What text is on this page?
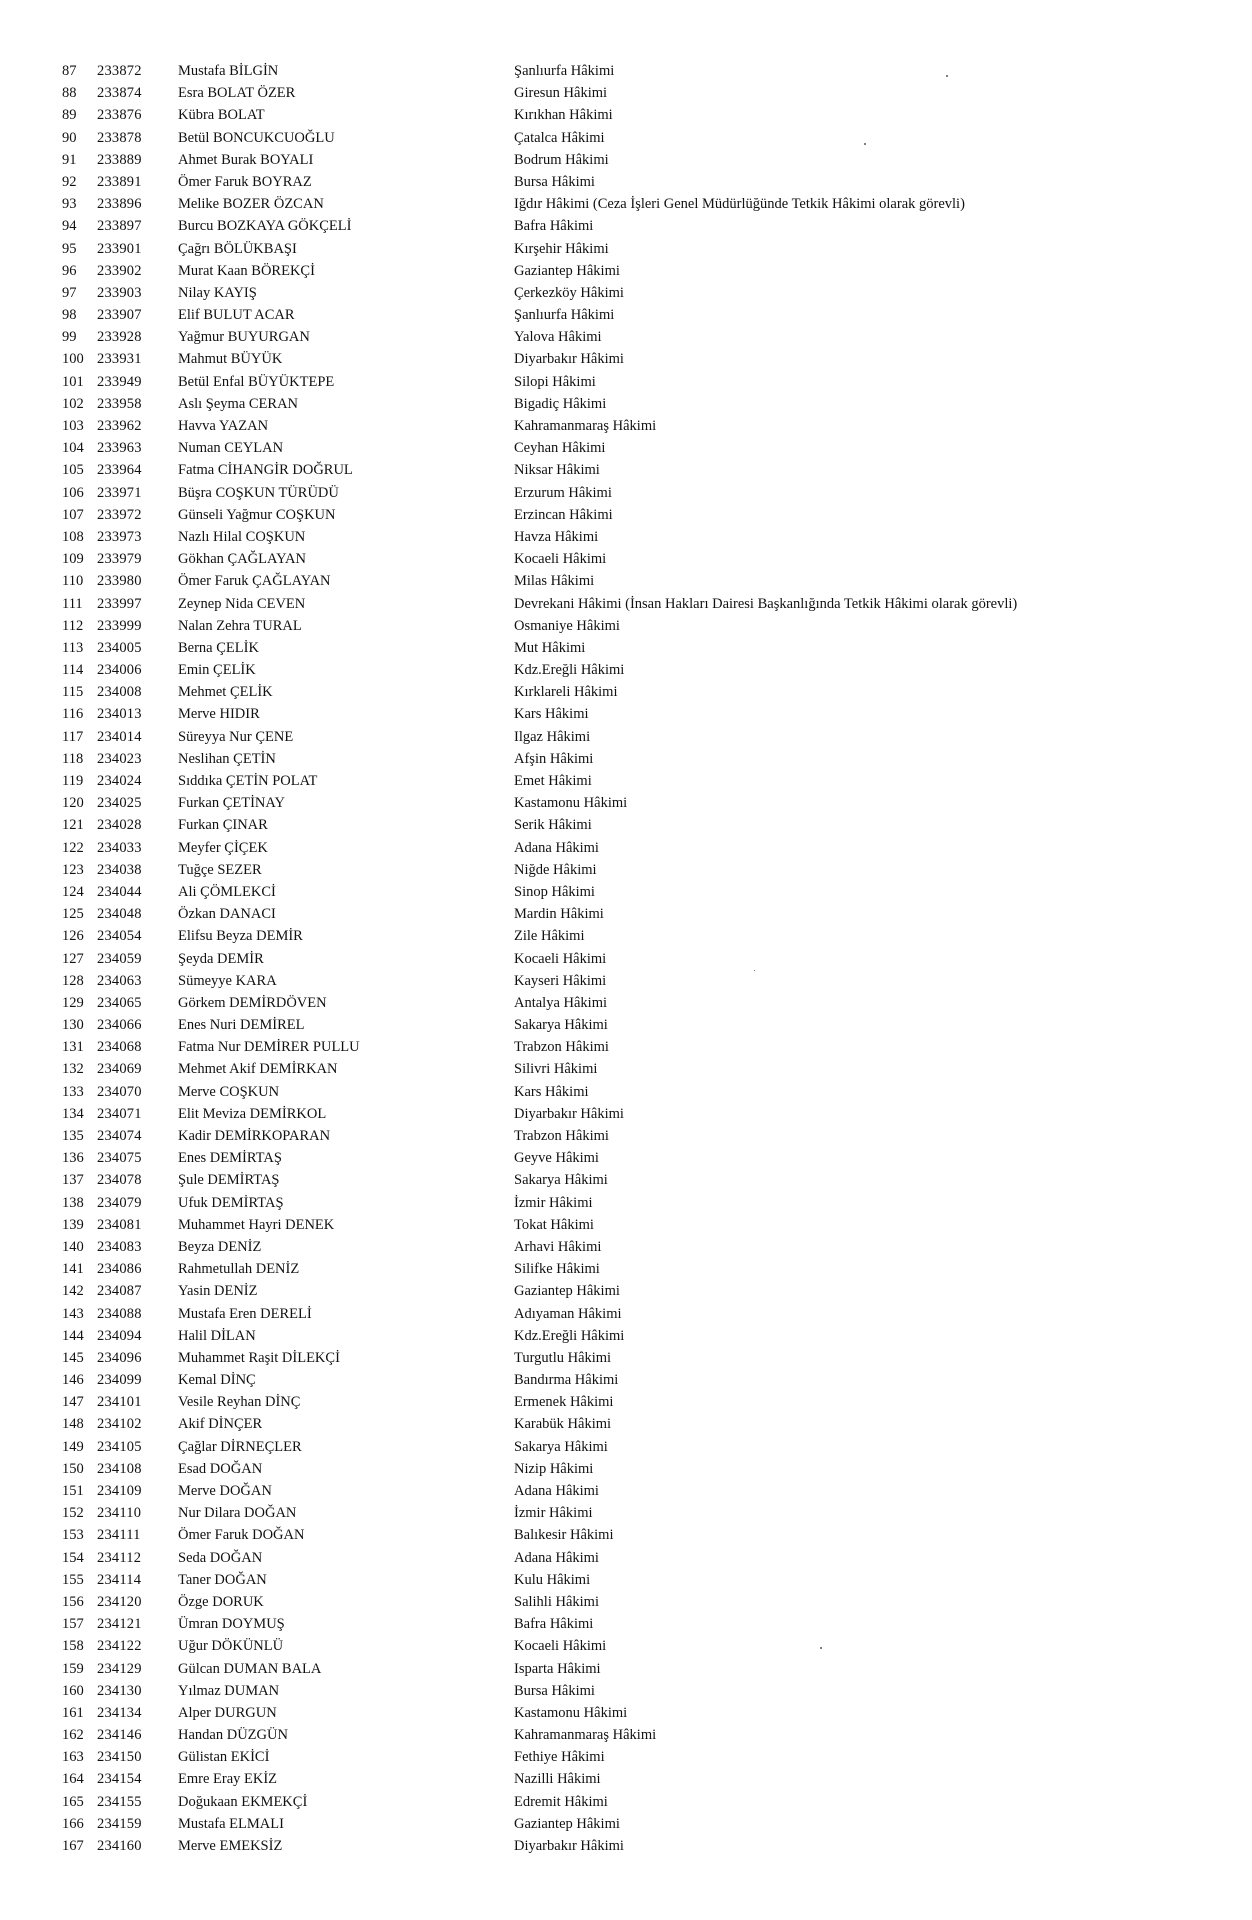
87 233872	Mustafa BİLGİN	Şanlıurfa Hâkimi
88 233874	Esra BOLAT ÖZER	Giresun Hâkimi
89 233876	Kübra BOLAT	Kırıkhan Hâkimi
90 233878	Betül BONCUKCUOĞLU	Çatalca Hâkimi
91 233889	Ahmet Burak BOYALI	Bodrum Hâkimi
92 233891	Ömer Faruk BOYRAZ	Bursa Hâkimi
93 233896	Melike BOZER ÖZCAN	Iğdır Hâkimi (Ceza İşleri Genel Müdürlüğünde Tetkik Hâkimi olarak görevli)
94 233897	Burcu BOZKAYA GÖKÇELİ	Bafra Hâkimi
95 233901	Çağrı BÖLÜKBAŞI	Kırşehir Hâkimi
96 233902	Murat Kaan BÖREKÇİ	Gaziantep Hâkimi
97 233903	Nilay KAYIŞ	Çerkezköy Hâkimi
98 233907	Elif BULUT ACAR	Şanlıurfa Hâkimi
99 233928	Yağmur BUYURGAN	Yalova Hâkimi
100 233931	Mahmut BÜYÜK	Diyarbakır Hâkimi
101 233949	Betül Enfal BÜYÜKTEPE	Silopi Hâkimi
102 233958	Aslı Şeyma CERAN	Bigadiç Hâkimi
103 233962	Havva YAZAN	Kahramanmaraş Hâkimi
104 233963	Numan CEYLAN	Ceyhan Hâkimi
105 233964	Fatma CİHANGİR DOĞRUL	Niksar Hâkimi
106 233971	Büşra COŞKUN TÜRÜDÜ	Erzurum Hâkimi
107 233972	Günseli Yağmur COŞKUN	Erzincan Hâkimi
108 233973	Nazlı Hilal COŞKUN	Havza Hâkimi
109 233979	Gökhan ÇAĞLAYAN	Kocaeli Hâkimi
110 233980	Ömer Faruk ÇAĞLAYAN	Milas Hâkimi
111 233997	Zeynep Nida CEVEN	Devrekani Hâkimi (İnsan Hakları Dairesi Başkanlığında Tetkik Hâkimi olarak görevli)
112 233999	Nalan Zehra TURAL	Osmaniye Hâkimi
113 234005	Berna ÇELİK	Mut Hâkimi
114 234006	Emin ÇELİK	Kdz.Ereğli Hâkimi
115 234008	Mehmet ÇELİK	Kırklareli Hâkimi
116 234013	Merve HIDIR	Kars Hâkimi
117 234014	Süreyya Nur ÇENE	Ilgaz Hâkimi
118 234023	Neslihan ÇETİN	Afşin Hâkimi
119 234024	Sıddıka ÇETİN POLAT	Emet Hâkimi
120 234025	Furkan ÇETİNAY	Kastamonu Hâkimi
121 234028	Furkan ÇINAR	Serik Hâkimi
122 234033	Meyfer ÇİÇEK	Adana Hâkimi
123 234038	Tuğçe SEZER	Niğde Hâkimi
124 234044	Ali ÇÖMLEKCİ	Sinop Hâkimi
125 234048	Özkan DANACI	Mardin Hâkimi
126 234054	Elifsu Beyza DEMİR	Zile Hâkimi
127 234059	Şeyda DEMİR	Kocaeli Hâkimi
128 234063	Sümeyye KARA	Kayseri Hâkimi
129 234065	Görkem DEMİRDÖVEN	Antalya Hâkimi
130 234066	Enes Nuri DEMİREL	Sakarya Hâkimi
131 234068	Fatma Nur DEMİRER PULLU	Trabzon Hâkimi
132 234069	Mehmet Akif DEMİRKAN	Silivri Hâkimi
133 234070	Merve COŞKUN	Kars Hâkimi
134 234071	Elit Meviza DEMİRKOL	Diyarbakır Hâkimi
135 234074	Kadir DEMİRKOPARAN	Trabzon Hâkimi
136 234075	Enes DEMİRTAŞ	Geyve Hâkimi
137 234078	Şule DEMİRTAŞ	Sakarya Hâkimi
138 234079	Ufuk DEMİRTAŞ	İzmir Hâkimi
139 234081	Muhammet Hayri DENEK	Tokat Hâkimi
140 234083	Beyza DENİZ	Arhavi Hâkimi
141 234086	Rahmetullah DENİZ	Silifke Hâkimi
142 234087	Yasin DENİZ	Gaziantep Hâkimi
143 234088	Mustafa Eren DERELİ	Adıyaman Hâkimi
144 234094	Halil DİLAN	Kdz.Ereğli Hâkimi
145 234096	Muhammet Raşit DİLEKÇİ	Turgutlu Hâkimi
146 234099	Kemal DİNÇ	Bandırma Hâkimi
147 234101	Vesile Reyhan DİNÇ	Ermenek Hâkimi
148 234102	Akif DİNÇER	Karabük Hâkimi
149 234105	Çağlar DİRNEÇLER	Sakarya Hâkimi
150 234108	Esad DOĞAN	Nizip Hâkimi
151 234109	Merve DOĞAN	Adana Hâkimi
152 234110	Nur Dilara DOĞAN	İzmir Hâkimi
153 234111	Ömer Faruk DOĞAN	Balıkesir Hâkimi
154 234112	Seda DOĞAN	Adana Hâkimi
155 234114	Taner DOĞAN	Kulu Hâkimi
156 234120	Özge DORUK	Salihli Hâkimi
157 234121	Ümran DOYMUŞ	Bafra Hâkimi
158 234122	Uğur DÖKÜNLÜ	Kocaeli Hâkimi
159 234129	Gülcan DUMAN BALA	Isparta Hâkimi
160 234130	Yılmaz DUMAN	Bursa Hâkimi
161 234134	Alper DURGUN	Kastamonu Hâkimi
162 234146	Handan DÜZGÜN	Kahramanmaraş Hâkimi
163 234150	Gülistan EKİCİ	Fethiye Hâkimi
164 234154	Emre Eray EKİZ	Nazilli Hâkimi
165 234155	Doğukaan EKMEKÇİ	Edremit Hâkimi
166 234159	Mustafa ELMALI	Gaziantep Hâkimi
167 234160	Merve EMEKSİZ	Diyarbakır Hâkimi
